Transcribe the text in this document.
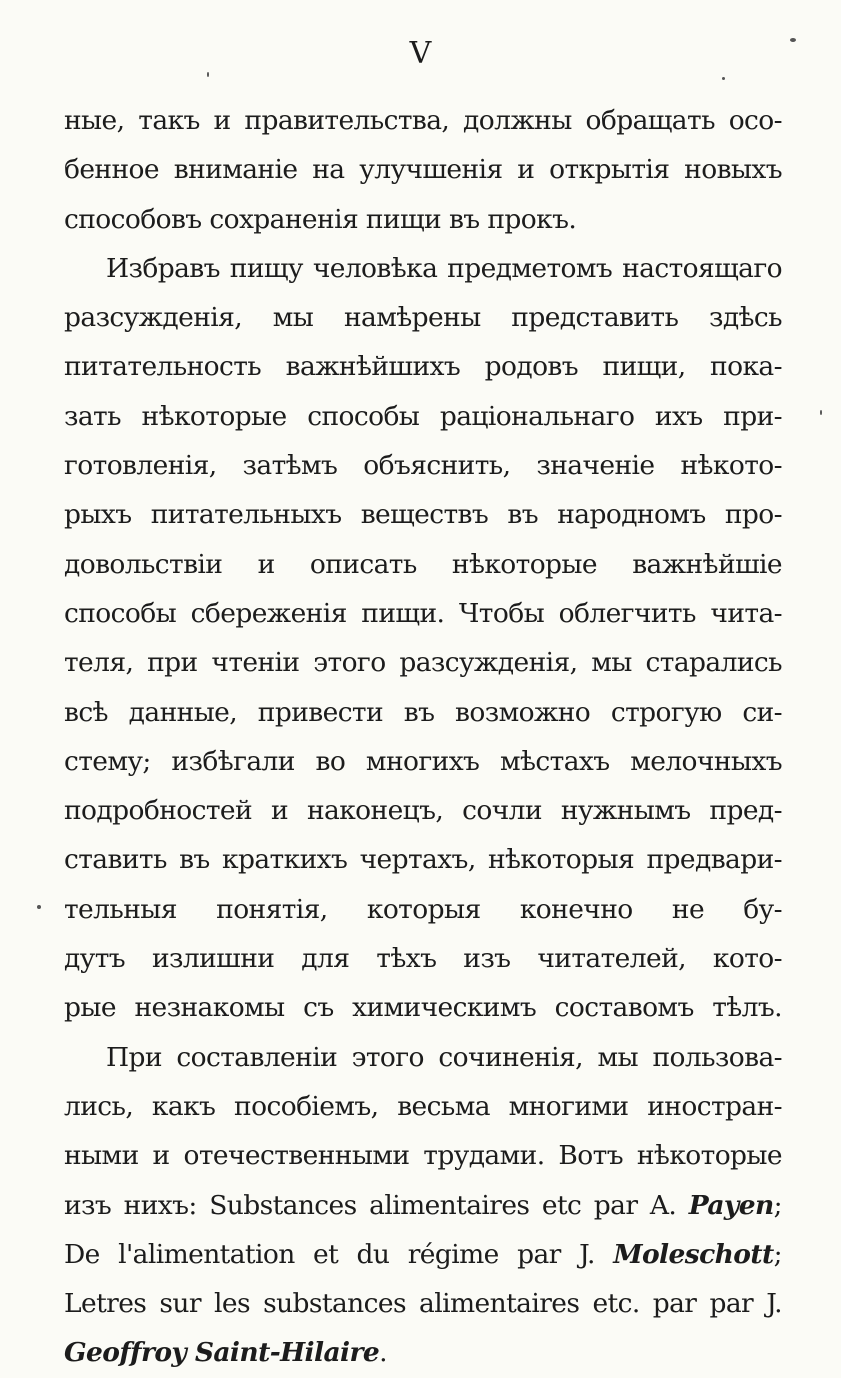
V
ные, такъ и правительства, должны обращать осо-
бенное вниманіе на улучшенія и открытія новыхъ
способовъ сохраненія пищи въ прокъ.
Избравъ пищу человѣка предметомъ настоящаго
разсужденія, мы намѣрены представить здѣсь
питательность важнѣйшихъ родовъ пищи, пока-
зать нѣкоторые способы раціональнаго ихъ при-
готовленія, затѣмъ объяснить, значеніе нѣкото-
рыхъ питательныхъ веществъ въ народномъ про-
довольствіи и описать нѣкоторые важнѣйшіе
способы сбереженія пищи. Чтобы облегчить чита-
теля, при чтеніи этого разсужденія, мы старались
всѣ данные, привести въ возможно строгую си-
стему; избѣгали во многихъ мѣстахъ мелочныхъ
подробностей и наконецъ, сочли нужнымъ пред-
ставить въ краткихъ чертахъ, нѣкоторыя предвари-
тельныя понятія, которыя конечно не бу-
дутъ излишни для тѣхъ изъ читателей, кото-
рые незнакомы съ химическимъ составомъ тѣлъ.
При составленіи этого сочиненія, мы пользова-
лись, какъ пособіемъ, весьма многими иностран-
ными и отечественными трудами. Вотъ нѣкоторые
изъ нихъ: Substances alimentaires etc par A. Payen;
De l'alimentation et du régime par J. Moleschott;
Letres sur les substances alimentaires etc. par par J.
Geoffroy Saint-Hilaire.
